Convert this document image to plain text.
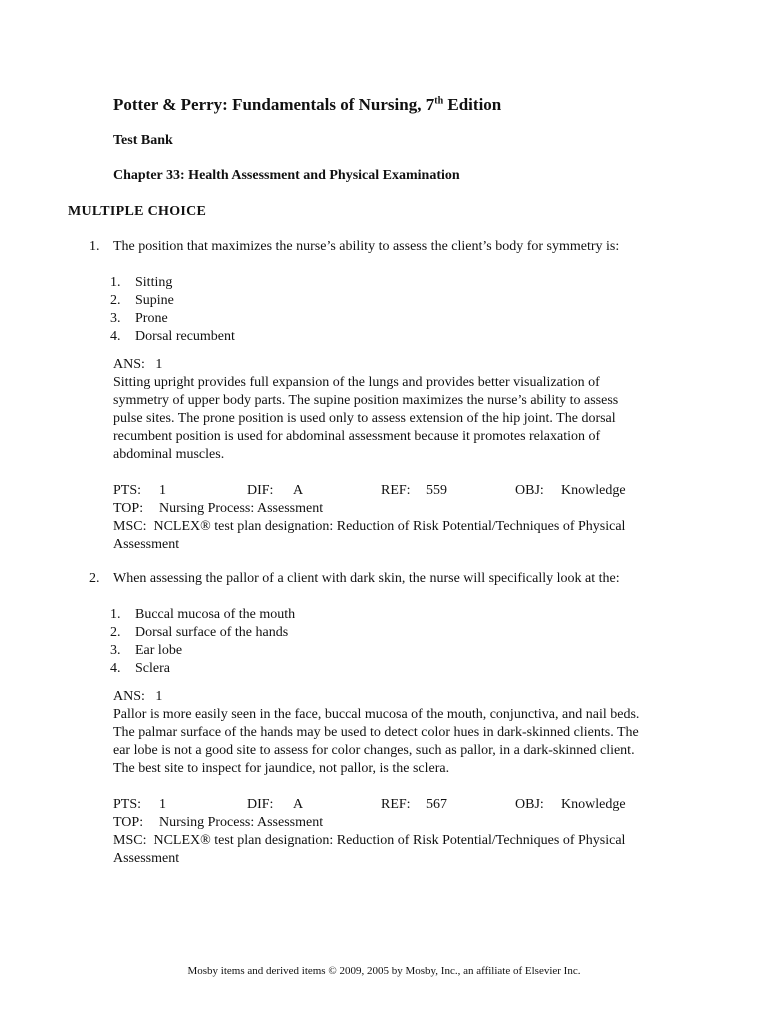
Potter & Perry: Fundamentals of Nursing, 7th Edition
Test Bank
Chapter 33: Health Assessment and Physical Examination
MULTIPLE CHOICE
1. The position that maximizes the nurse’s ability to assess the client’s body for symmetry is:
1.	Sitting
2.	Supine
3.	Prone
4.	Dorsal recumbent
ANS: 1
Sitting upright provides full expansion of the lungs and provides better visualization of symmetry of upper body parts. The supine position maximizes the nurse’s ability to assess pulse sites. The prone position is used only to assess extension of the hip joint. The dorsal recumbent position is used for abdominal assessment because it promotes relaxation of abdominal muscles.
PTS: 1	DIF: A	REF: 559	OBJ: Knowledge
TOP: Nursing Process: Assessment
MSC: NCLEX® test plan designation: Reduction of Risk Potential/Techniques of Physical Assessment
2. When assessing the pallor of a client with dark skin, the nurse will specifically look at the:
1.	Buccal mucosa of the mouth
2.	Dorsal surface of the hands
3.	Ear lobe
4.	Sclera
ANS: 1
Pallor is more easily seen in the face, buccal mucosa of the mouth, conjunctiva, and nail beds. The palmar surface of the hands may be used to detect color hues in dark-skinned clients. The ear lobe is not a good site to assess for color changes, such as pallor, in a dark-skinned client. The best site to inspect for jaundice, not pallor, is the sclera.
PTS: 1	DIF: A	REF: 567	OBJ: Knowledge
TOP: Nursing Process: Assessment
MSC: NCLEX® test plan designation: Reduction of Risk Potential/Techniques of Physical Assessment
Mosby items and derived items © 2009, 2005 by Mosby, Inc., an affiliate of Elsevier Inc.
